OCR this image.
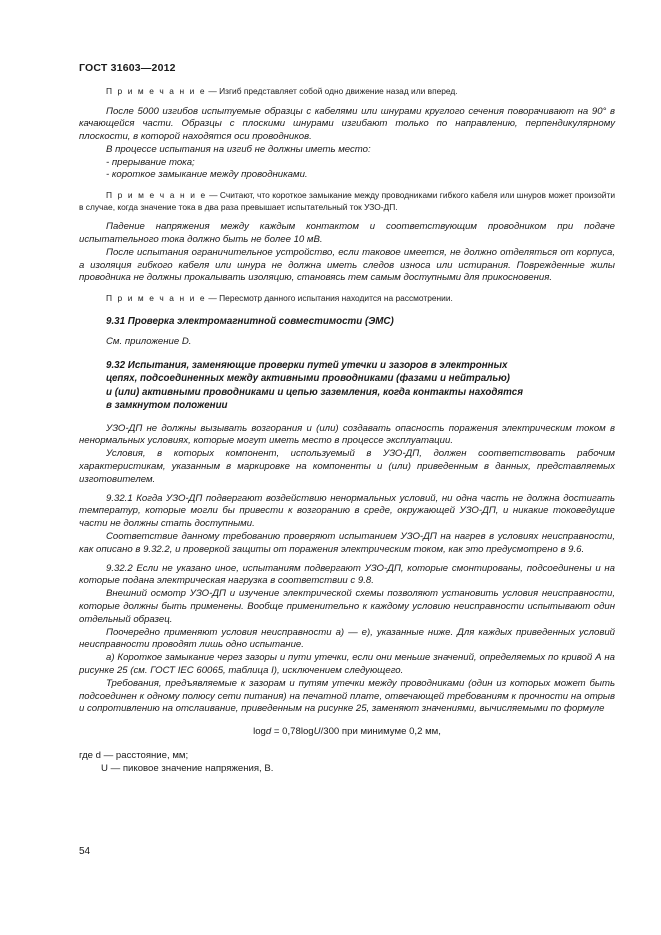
ГОСТ 31603—2012

П р и м е ч а н и е — Изгиб представляет собой одно движение назад или вперед.

После 5000 изгибов испытуемые образцы с кабелями или шнурами круглого сечения поворачивают на 90° в качающейся части. Образцы с плоскими шнурами изгибают только по направлению, перпендикулярному плоскости, в которой находятся оси проводников.

В процессе испытания на изгиб не должны иметь место:

- прерывание тока;

- короткое замыкание между проводниками.

П р и м е ч а н и е — Считают, что короткое замыкание между проводниками гибкого кабеля или шнуров может произойти в случае, когда значение тока в два раза превышает испытательный ток УЗО-ДП.

Падение напряжения между каждым контактом и соответствующим проводником при подаче испытательного тока должно быть не более 10 мВ.

После испытания ограничительное устройство, если таковое имеется, не должно отделяться от корпуса, а изоляция гибкого кабеля или шнура не должна иметь следов износа или истирания. Поврежденные жилы проводника не должны прокалывать изоляцию, становясь тем самым доступными для прикосновения.

П р и м е ч а н и е — Пересмотр данного испытания находится на рассмотрении.

9.31 Проверка электромагнитной совместимости (ЭМС)

См. приложение D.

9.32 Испытания, заменяющие проверки путей утечки и зазоров в электронных

цепях, подсоединенных между активными проводниками (фазами и нейтралью)

и (или) активными проводниками и цепью заземления, когда контакты находятся

в замкнутом положении

УЗО-ДП не должны вызывать возгорания и (или) создавать опасность поражения электрическим током в ненормальных условиях, которые могут иметь место в процессе эксплуатации.

Условия, в которых компонент, используемый в УЗО-ДП, должен соответствовать рабочим характеристикам, указанным в маркировке на компоненты и (или) приведенным в данных, представляемых изготовителем.

9.32.1 Когда УЗО-ДП подвергают воздействию ненормальных условий, ни одна часть не должна достигать температур, которые могли бы привести к возгоранию в среде, окружающей УЗО-ДП, и никакие токоведущие части не должны стать доступными.

Соответствие данному требованию проверяют испытанием УЗО-ДП на нагрев в условиях неисправности, как описано в 9.32.2, и проверкой защиты от поражения электрическим током, как это предусмотрено в 9.6.

9.32.2 Если не указано иное, испытаниям подвергают УЗО-ДП, которые смонтированы, подсоединены и на которые подана электрическая нагрузка в соответствии с 9.8.

Внешний осмотр УЗО-ДП и изучение электрической схемы позволяют установить условия неисправности, которые должны быть применены. Вообще применительно к каждому условию неисправности испытывают один отдельный образец.

Поочередно применяют условия неисправности а) — е), указанные ниже. Для каждых приведенных условий неисправности проводят лишь одно испытание.

а) Короткое замыкание через зазоры и пути утечки, если они меньше значений, определяемых по кривой А на рисунке 25 (см. ГОСТ IEC 60065, таблица I), исключением следующего.

Требования, предъявляемые к зазорам и путям утечки между проводниками (один из которых может быть подсоединен к одному полюсу сети питания) на печатной плате, отвечающей требованиям к прочности на отрыв и сопротивлению на отслаивание, приведенным на рисунке 25, заменяют значениями, вычисляемыми по формуле

logd = 0,78logU/300 при минимуме 0,2 мм,
где d — расстояние, мм;
U — пиковое значение напряжения, В.
54
